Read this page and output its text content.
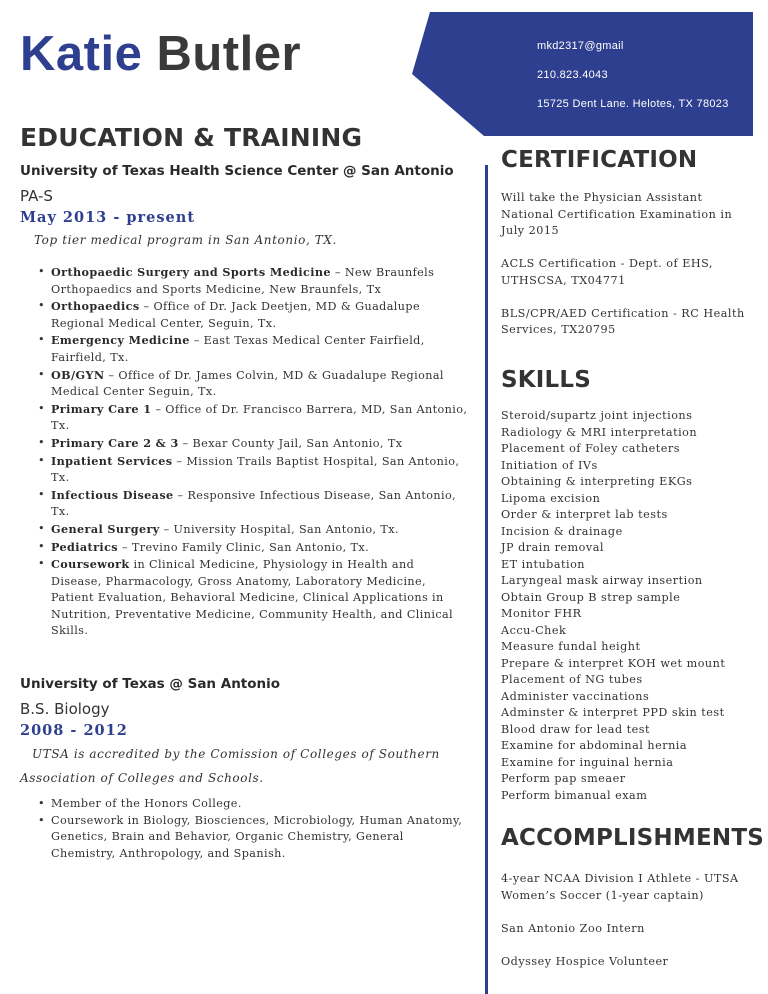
Katie Butler	mkd2317@gmail
210.823.4043
15725 Dent Lane. Helotes, TX 78023
EDUCATION & TRAINING
University of Texas Health Science Center @ San Antonio
PA-S
May 2013 - present
Top tier medical program in San Antonio, TX.
• Orthopaedic Surgery and Sports Medicine – New Braunfels Orthopaedics and Sports Medicine, New Braunfels, Tx
• Orthopaedics – Office of Dr. Jack Deetjen, MD & Guadalupe Regional Medical Center, Seguin, Tx.
• Emergency Medicine – East Texas Medical Center Fairfield, Fairfield, Tx.
• OB/GYN – Office of Dr. James Colvin, MD & Guadalupe Regional Medical Center Seguin, Tx.
• Primary Care 1 – Office of Dr. Francisco Barrera, MD, San Antonio, Tx.
• Primary Care 2 & 3 – Bexar County Jail, San Antonio, Tx
• Inpatient Services – Mission Trails Baptist Hospital, San Antonio, Tx.
• Infectious Disease – Responsive Infectious Disease, San Antonio, Tx.
• General Surgery – University Hospital, San Antonio, Tx.
• Pediatrics – Trevino Family Clinic, San Antonio, Tx.
• Coursework in Clinical Medicine, Physiology in Health and Disease, Pharmacology, Gross Anatomy, Laboratory Medicine, Patient Evaluation, Behavioral Medicine, Clinical Applications in Nutrition, Preventative Medicine, Community Health, and Clinical Skills.
University of Texas @ San Antonio
B.S. Biology
2008 - 2012
UTSA is accredited by the Comission of Colleges of Southern Association of Colleges and Schools.
• Member of the Honors College.
• Coursework in Biology, Biosciences, Microbiology, Human Anatomy, Genetics, Brain and Behavior, Organic Chemistry, General Chemistry, Anthropology, and Spanish.
CERTIFICATION
Will take the Physician Assistant National Certification Examination in July 2015
ACLS Certification - Dept. of EHS, UTHSCSA, TX04771
BLS/CPR/AED Certification - RC Health Services, TX20795
SKILLS
Steroid/supartz joint injections
Radiology & MRI interpretation
Placement of Foley catheters
Initiation of IVs
Obtaining & interpreting EKGs
Lipoma excision
Order & interpret lab tests
Incision & drainage
JP drain removal
ET intubation
Laryngeal mask airway insertion
Obtain Group B strep sample
Monitor FHR
Accu-Chek
Measure fundal height
Prepare & interpret KOH wet mount
Placement of NG tubes
Administer vaccinations
Adminster & interpret PPD skin test
Blood draw for lead test
Examine for abdominal hernia
Examine for inguinal hernia
Perform pap smeaer
Perform bimanual exam
ACCOMPLISHMENTS
4-year NCAA Division I Athlete - UTSA Women’s Soccer (1-year captain)
San Antonio Zoo Intern
Odyssey Hospice Volunteer
